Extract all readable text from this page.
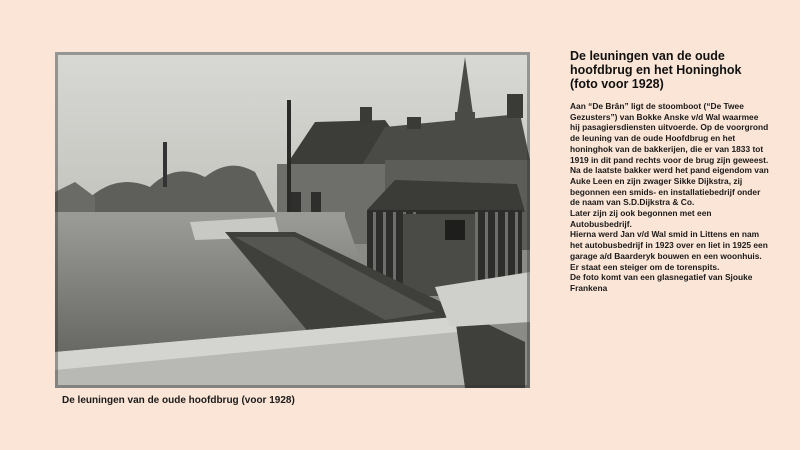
De leuningen van de oude hoofdbrug (voor 1928)

De leuningen van de oude hoofdbrug en het Honinghok     (foto voor 1928)

Aan “De Brân” ligt de stoomboot (“De Twee Gezusters”) van Bokke Anske v/d Wal waarmee hij pasagiersdiensten uitvoerde. Op de voorgrond de leuning van de oude Hoofdbrug en het honinghok van de bakkerijen, die er van 1833 tot 1919 in dit pand rechts voor de brug zijn geweest. Na de laatste bakker werd het pand eigendom van Auke Leen en zijn zwager Sikke Dijkstra, zij begonnen een smids- en installatiebedrijf onder de naam van S.D.Dijkstra & Co.
Later zijn zij ook begonnen met een Autobusbedrijf.
Hierna werd Jan v/d Wal smid in Littens en nam het autobusbedrijf in 1923 over en liet in 1925 een garage a/d Baarderyk bouwen en een woonhuis.
Er staat een steiger om de torenspits.
De foto komt van een glasnegatief van Sjouke Frankena
